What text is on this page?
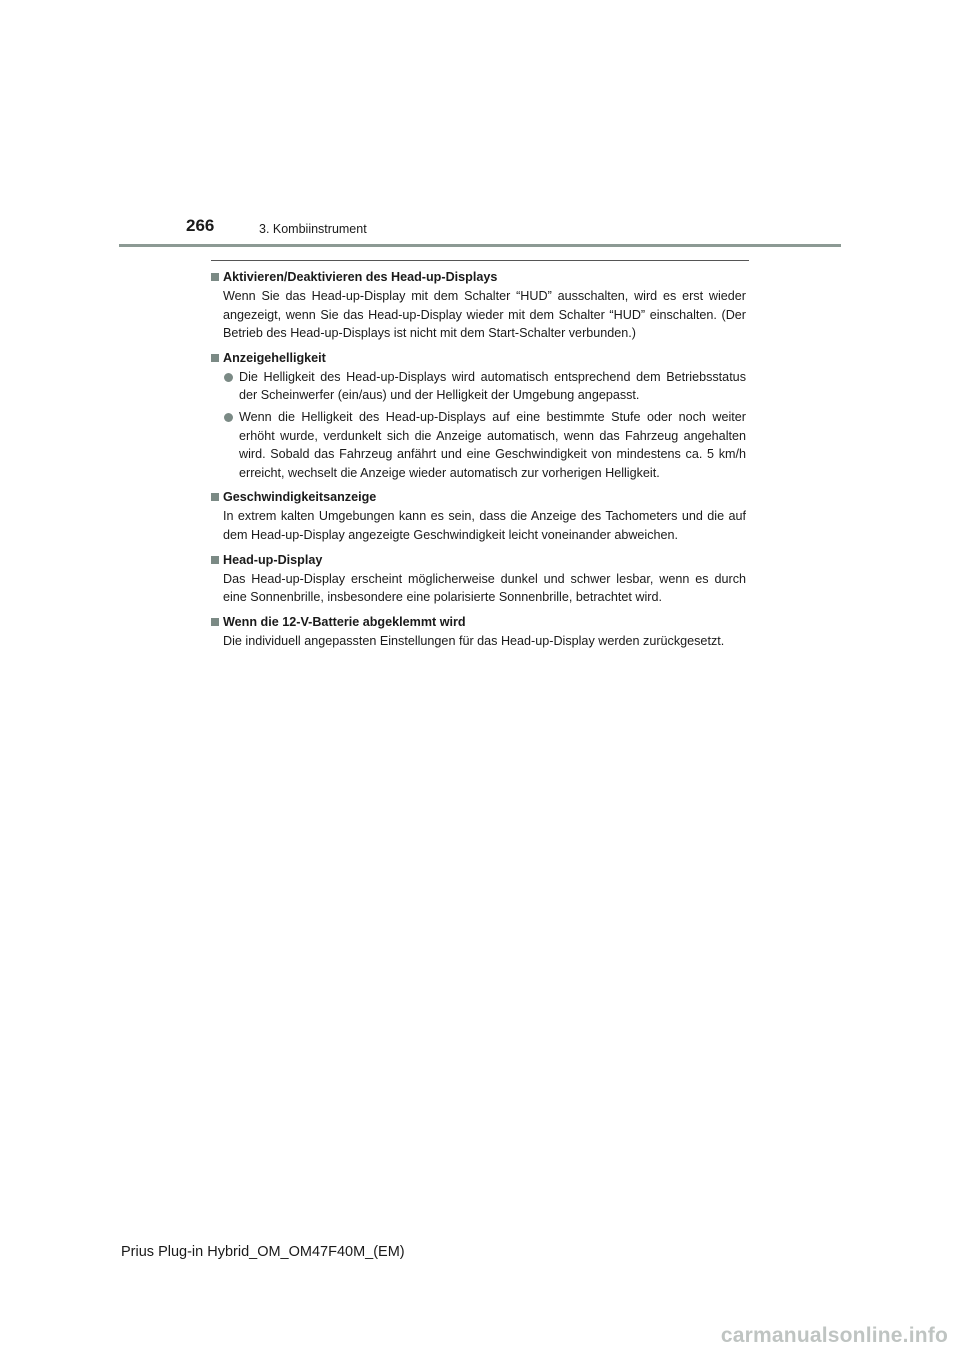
266	3. Kombiinstrument
Aktivieren/Deaktivieren des Head-up-Displays
Wenn Sie das Head-up-Display mit dem Schalter “HUD” ausschalten, wird es erst wieder angezeigt, wenn Sie das Head-up-Display wieder mit dem Schalter “HUD” einschalten. (Der Betrieb des Head-up-Displays ist nicht mit dem Start-Schalter verbunden.)
Anzeigehelligkeit
Die Helligkeit des Head-up-Displays wird automatisch entsprechend dem Betriebsstatus der Scheinwerfer (ein/aus) und der Helligkeit der Umgebung angepasst.
Wenn die Helligkeit des Head-up-Displays auf eine bestimmte Stufe oder noch weiter erhöht wurde, verdunkelt sich die Anzeige automatisch, wenn das Fahrzeug angehalten wird. Sobald das Fahrzeug anfährt und eine Geschwindigkeit von mindestens ca. 5 km/h erreicht, wechselt die Anzeige wieder automatisch zur vorherigen Helligkeit.
Geschwindigkeitsanzeige
In extrem kalten Umgebungen kann es sein, dass die Anzeige des Tachometers und die auf dem Head-up-Display angezeigte Geschwindigkeit leicht voneinander abweichen.
Head-up-Display
Das Head-up-Display erscheint möglicherweise dunkel und schwer lesbar, wenn es durch eine Sonnenbrille, insbesondere eine polarisierte Sonnenbrille, betrachtet wird.
Wenn die 12-V-Batterie abgeklemmt wird
Die individuell angepassten Einstellungen für das Head-up-Display werden zurückgesetzt.
Prius Plug-in Hybrid_OM_OM47F40M_(EM)
carmanualsonline.info
